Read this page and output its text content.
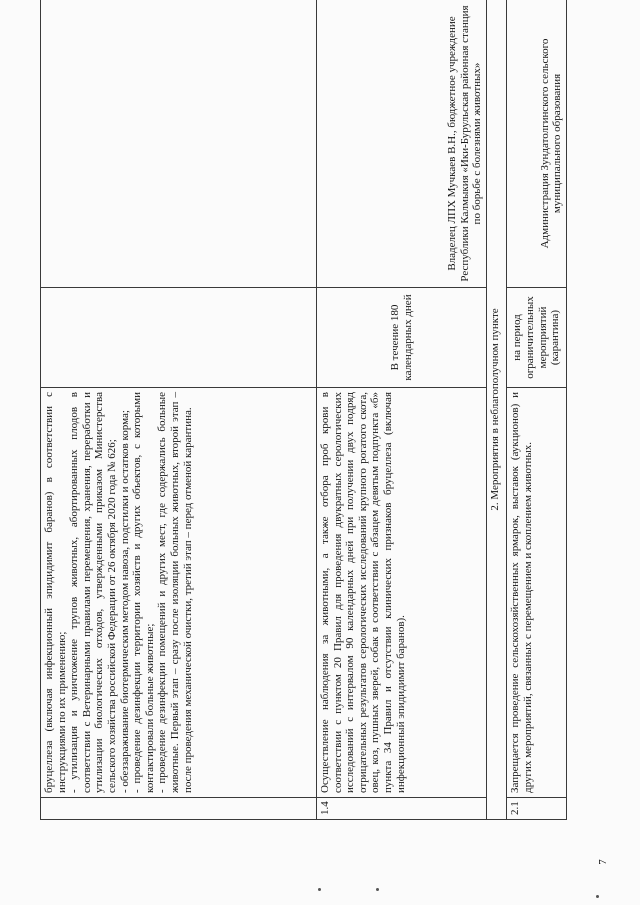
	бруцеллеза (включая инфекционный эпидидимит баранов) в соответствии с инструкциями по их применению; - утилизация и уничтожение трупов животных, абортированных плодов в соответствии с Ветеринарными правилами перемещения, хранения, переработки и утилизации биологических отходов, утвержденными приказом Министерства сельского хозяйства российской Федерации от 26 октября 2020 года № 626; - обеззараживание биотермическим методом навоза, подстилки и остатков корма; - проведение дезинфекции территории хозяйств и других объектов, с которыми контактировали больные животные; - проведение дезинфекции помещений и других мест, где содержались больные животные. Первый этап – сразу после изоляции больных животных, второй этап – после проведения механической очистки, третий этап – перед отменой карантина.		

1.4	Осуществление наблюдения за животными, а также отбора проб крови в соответствии с пунктом 20 Правил для проведения двукратных серологических исследований с интервалом 90 календарных дней при получении двух подряд отрицательных результатов серологических исследований крупного рогатого скота, овец, коз, пушных зверей, собак в соответствии с абзацем девятым подпункта «б» пункта 34 Правил и отсутствии клинических признаков бруцеллеза (включая инфекционный эпидидимит баранов).	В течение 180 календарных дней	Владелец ЛПХ Мучкаев В.Н., бюджетное учреждение Республики Калмыкия «Ики-Бурульская районная станция по борьбе с болезнями животных»
2. Мероприятия в неблагополучном пункте			
2.1	Запрещается проведение сельскохозяйственных ярмарок, выставок (аукционов) и других мероприятий, связанных с перемещением и скоплением животных.	на период ограничительных мероприятий (карантина)	Администрация Зундатолгинского сельского муниципального образования
7
